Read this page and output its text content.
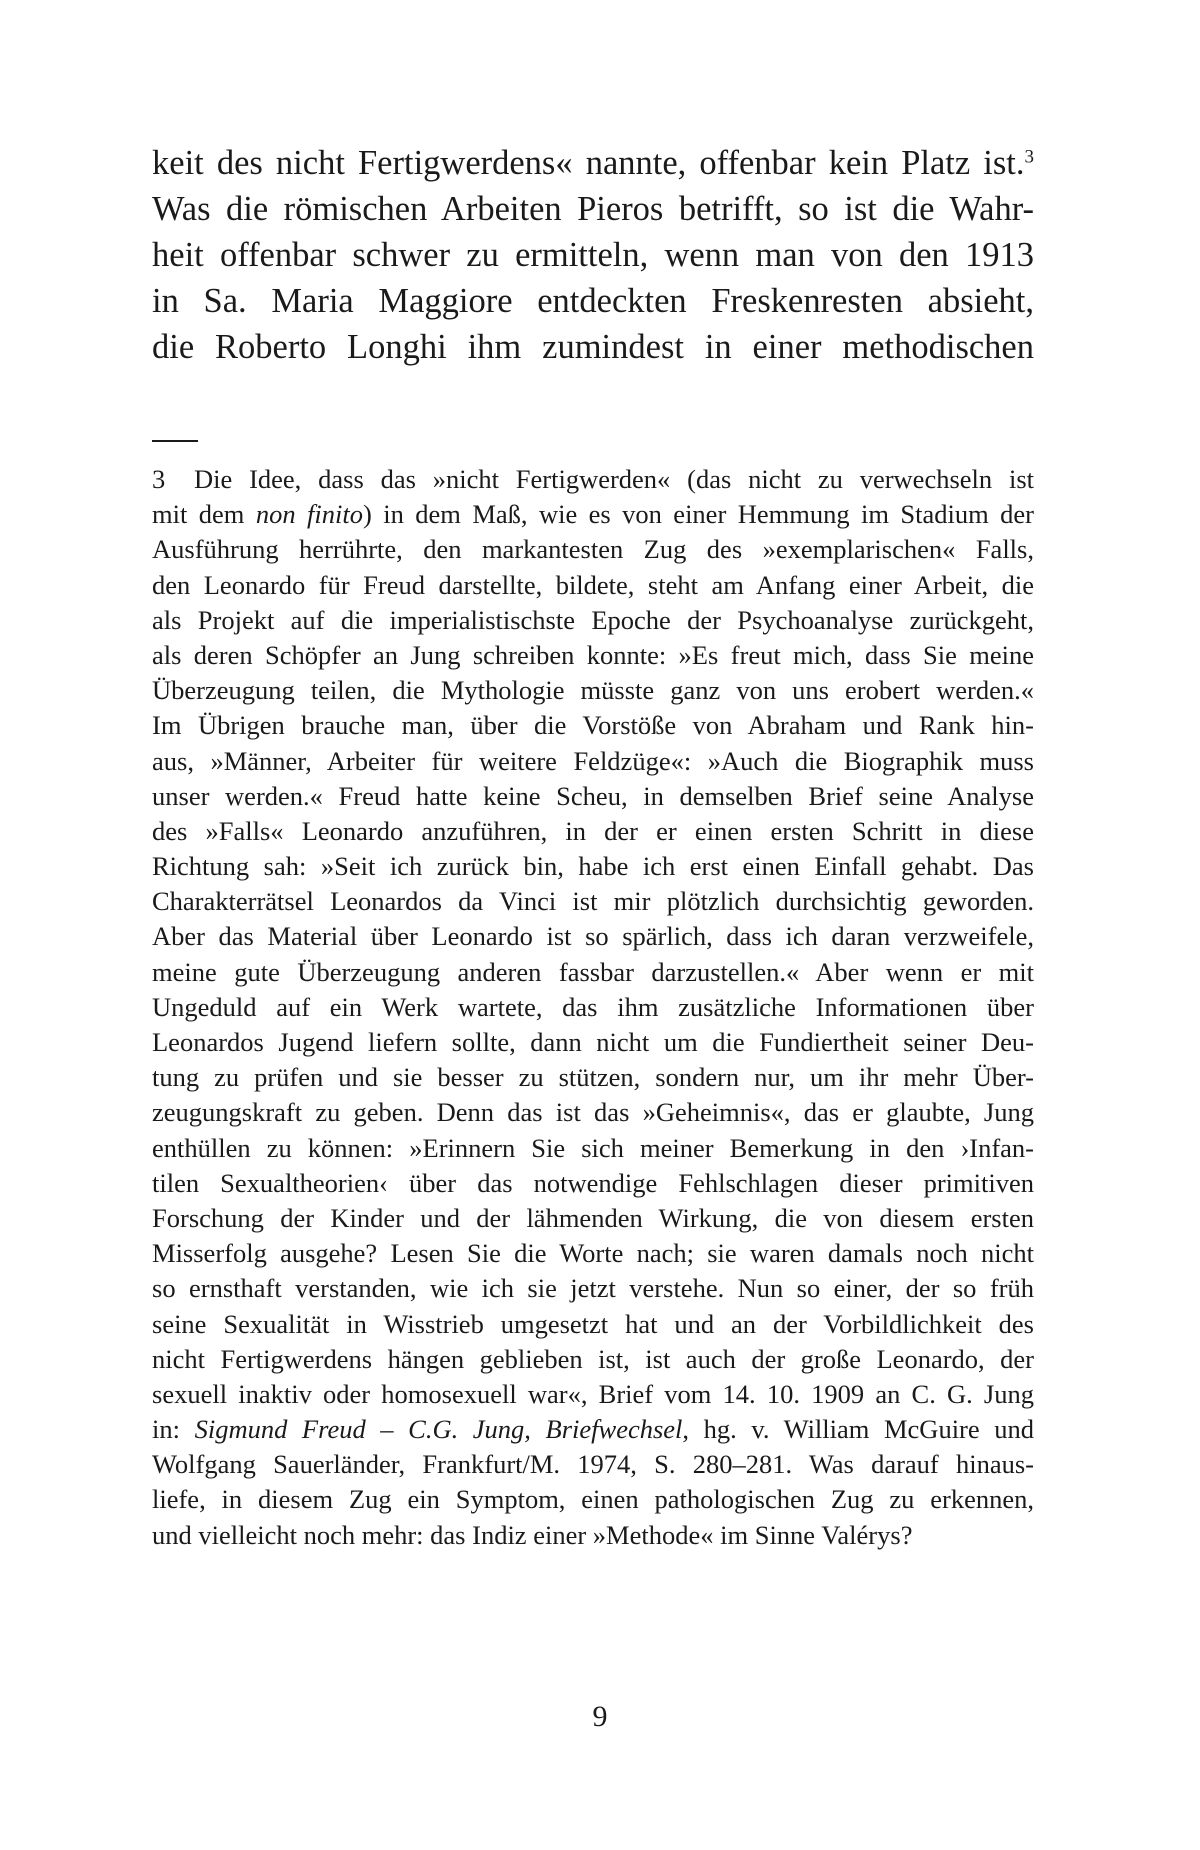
keit des nicht Fertigwerdens« nannte, offenbar kein Platz ist.$^3$
Was die römischen Arbeiten Pieros betrifft, so ist die Wahr-
heit offenbar schwer zu ermitteln, wenn man von den 1913
in Sa. Maria Maggiore entdeckten Freskenresten absieht,
die Roberto Longhi ihm zumindest in einer methodischen
3 Die Idee, dass das »nicht Fertigwerden« (das nicht zu verwechseln ist
mit dem non finito) in dem Maß, wie es von einer Hemmung im Stadium der
Ausführung herrührte, den markantesten Zug des »exemplarischen« Falls,
den Leonardo für Freud darstellte, bildete, steht am Anfang einer Arbeit, die
als Projekt auf die imperialistischste Epoche der Psychoanalyse zurückgeht,
als deren Schöpfer an Jung schreiben konnte: »Es freut mich, dass Sie meine
Überzeugung teilen, die Mythologie müsste ganz von uns erobert werden.«
Im Übrigen brauche man, über die Vorstöße von Abraham und Rank hin-
aus, »Männer, Arbeiter für weitere Feldzüge«: »Auch die Biographik muss
unser werden.« Freud hatte keine Scheu, in demselben Brief seine Analyse
des »Falls« Leonardo anzuführen, in der er einen ersten Schritt in diese
Richtung sah: »Seit ich zurück bin, habe ich erst einen Einfall gehabt. Das
Charakterrätsel Leonardos da Vinci ist mir plötzlich durchsichtig geworden.
Aber das Material über Leonardo ist so spärlich, dass ich daran verzweifele,
meine gute Überzeugung anderen fassbar darzustellen.« Aber wenn er mit
Ungeduld auf ein Werk wartete, das ihm zusätzliche Informationen über
Leonardos Jugend liefern sollte, dann nicht um die Fundiertheit seiner Deu-
tung zu prüfen und sie besser zu stützen, sondern nur, um ihr mehr Über-
zeugungskraft zu geben. Denn das ist das »Geheimnis«, das er glaubte, Jung
enthüllen zu können: »Erinnern Sie sich meiner Bemerkung in den ›Infan-
tilen Sexualtheorien‹ über das notwendige Fehlschlagen dieser primitiven
Forschung der Kinder und der lähmenden Wirkung, die von diesem ersten
Misserfolg ausgehe? Lesen Sie die Worte nach; sie waren damals noch nicht
so ernsthaft verstanden, wie ich sie jetzt verstehe. Nun so einer, der so früh
seine Sexualität in Wisstrieb umgesetzt hat und an der Vorbildlichkeit des
nicht Fertigwerdens hängen geblieben ist, ist auch der große Leonardo, der
sexuell inaktiv oder homosexuell war«, Brief vom 14. 10. 1909 an C. G. Jung
in: Sigmund Freud – C.G. Jung, Briefwechsel, hg. v. William McGuire und
Wolfgang Sauerländer, Frankfurt/M. 1974, S. 280–281. Was darauf hinaus-
liefe, in diesem Zug ein Symptom, einen pathologischen Zug zu erkennen,
und vielleicht noch mehr: das Indiz einer »Methode« im Sinne Valérys?
9
